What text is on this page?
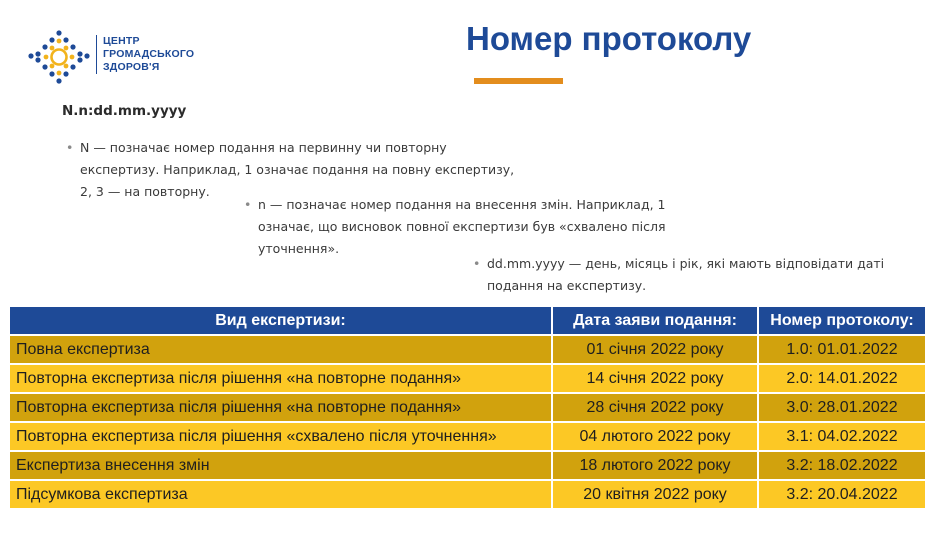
ЦЕНТР
ГРОМАДСЬКОГО
ЗДОРОВ'Я
Номер протоколу
N.n:dd.mm.yyyy
• N — позначає номер подання на первинну чи повторну
експертизу. Наприклад, 1 означає подання на повну експертизу,
2, 3 — на повторну.
• n — позначає номер подання на внесення змін. Наприклад, 1
означає, що висновок повної експертизи був «схвалено після
уточнення».
• dd.mm.yyyy — день, місяць і рік, які мають відповідати даті
подання на експертизу.
Вид експертизи:	Дата заяви подання:	Номер протоколу:
Повна експертиза	01 січня 2022 року	1.0: 01.01.2022
Повторна експертиза після рішення «на повторне подання»	14 січня 2022 року	2.0: 14.01.2022
Повторна експертиза після рішення «на повторне подання»	28 січня 2022 року	3.0: 28.01.2022
Повторна експертиза після рішення «схвалено після уточнення»	04 лютого 2022 року	3.1: 04.02.2022
Експертиза внесення змін	18 лютого 2022 року	3.2: 18.02.2022
Підсумкова експертиза	20 квітня 2022 року	3.2: 20.04.2022
